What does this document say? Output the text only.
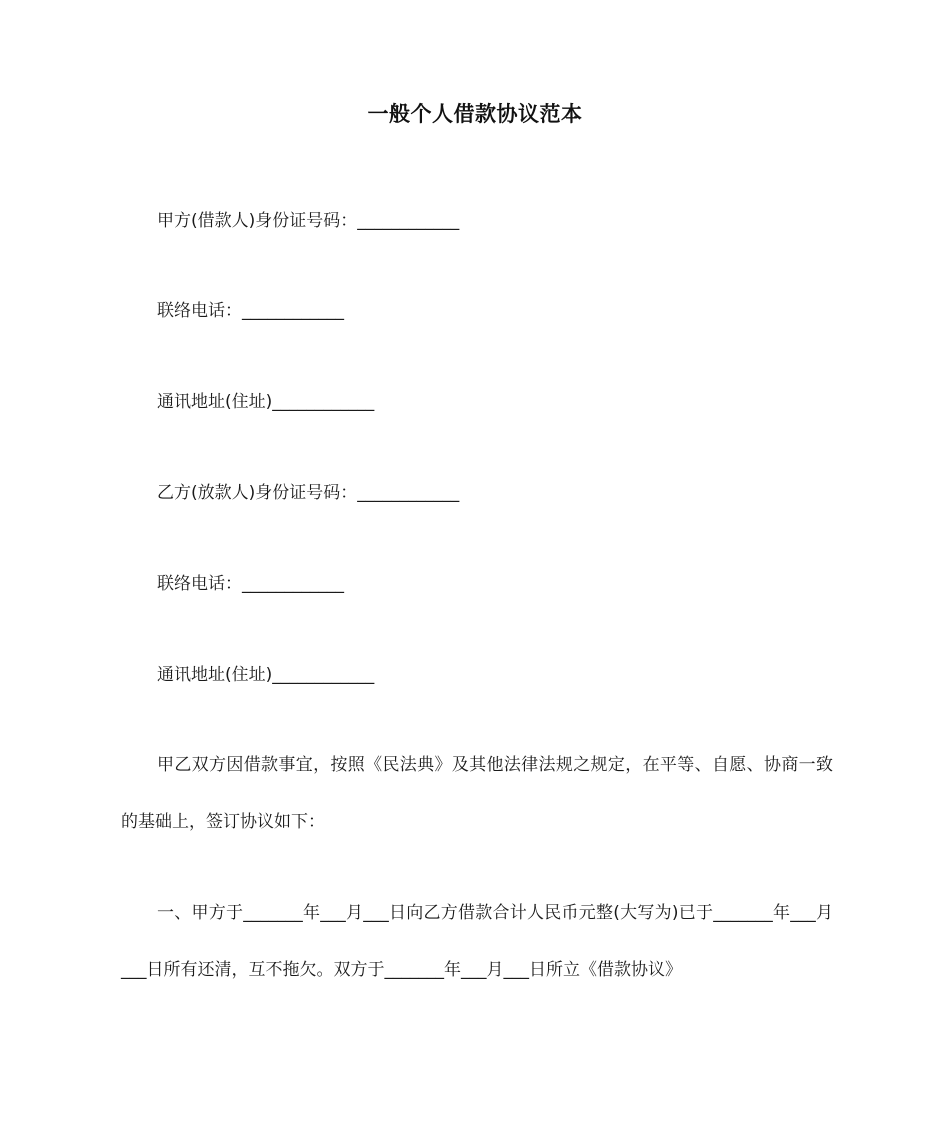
一般个人借款协议范本
甲方(借款人)身份证号码：____________
联络电话：____________
通讯地址(住址)____________
乙方(放款人)身份证号码：____________
联络电话：____________
通讯地址(住址)____________
甲乙双方因借款事宜，按照《民法典》及其他法律法规之规定，在平等、自愿、协商一致的基础上，签订协议如下：
一、甲方于_______年___月___日向乙方借款合计人民币元整(大写为)已于_______年___月___日所有还清，互不拖欠。双方于_______年___月___日所立《借款协议》
